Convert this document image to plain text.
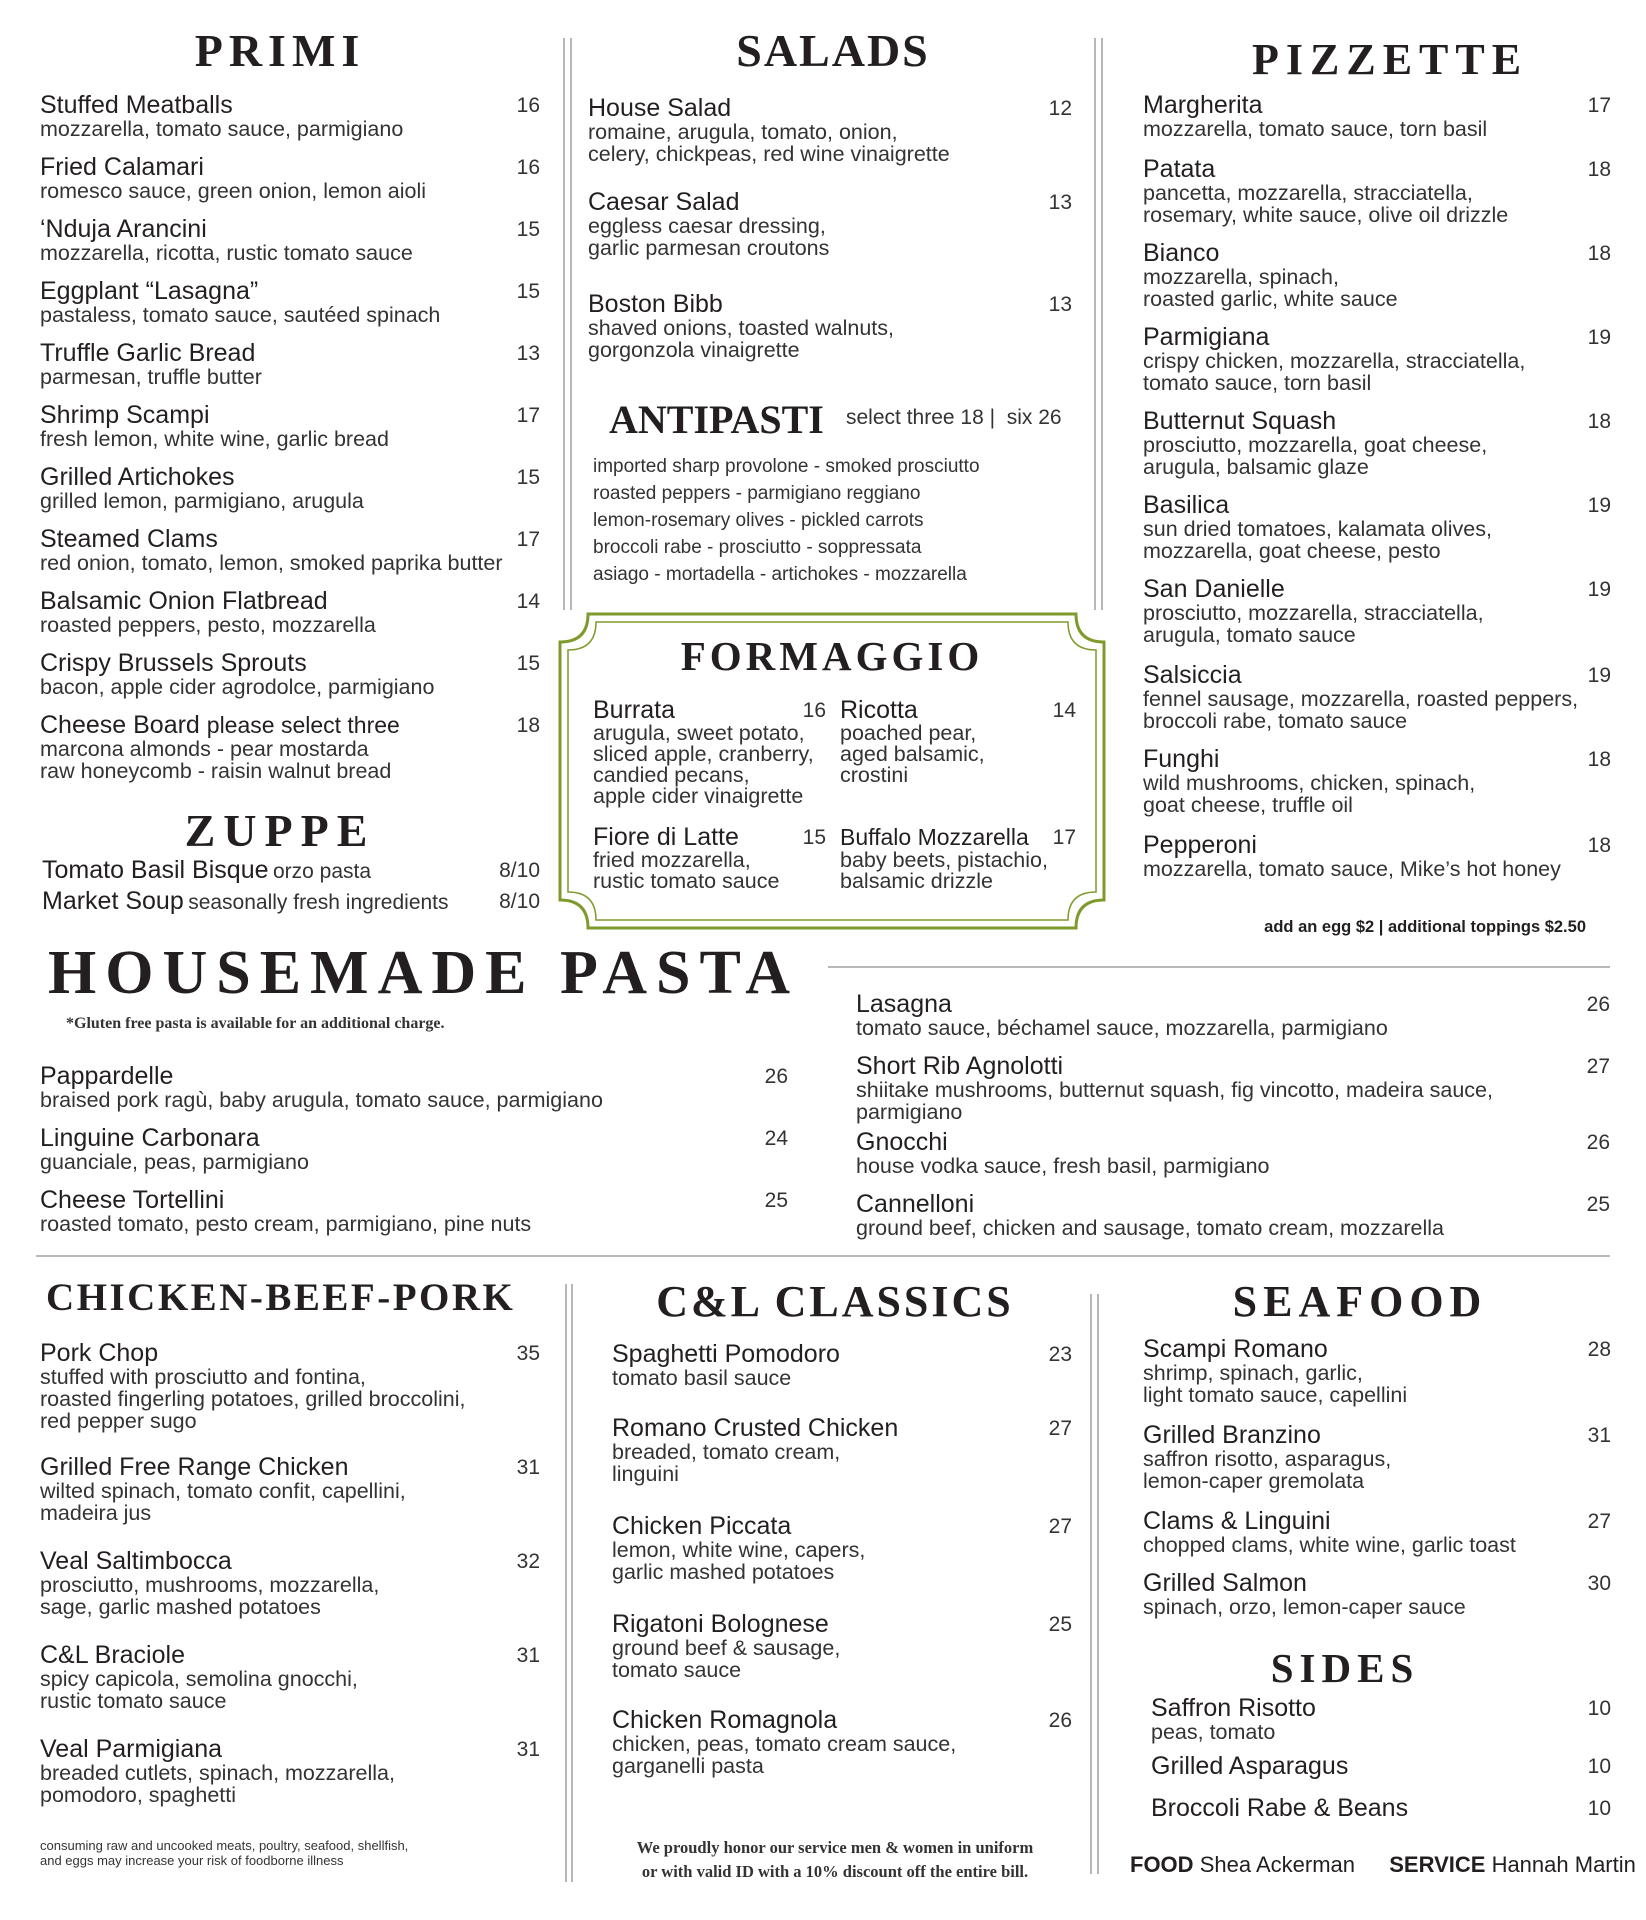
PRIMI
Stuffed Meatballs
mozzarella, tomato sauce, parmigiano
16
Fried Calamari
romesco sauce, green onion, lemon aioli
16
‘Nduja Arancini
mozzarella, ricotta, rustic tomato sauce
15
Eggplant “Lasagna”
pastaless, tomato sauce, sautéed spinach
15
Truffle Garlic Bread
parmesan, truffle butter
13
Shrimp Scampi
fresh lemon, white wine, garlic bread
17
Grilled Artichokes
grilled lemon, parmigiano, arugula
15
Steamed Clams
red onion, tomato, lemon, smoked paprika butter
17
Balsamic Onion Flatbread
roasted peppers, pesto, mozzarella
14
Crispy Brussels Sprouts
bacon, apple cider agrodolce, parmigiano
15
Cheese Board please select three
marcona almonds - pear mostarda
raw honeycomb - raisin walnut bread
18
ZUPPE
Tomato Basil Bisque orzo pasta	8/10
Market Soup seasonally fresh ingredients 8/10
SALADS
House Salad
romaine, arugula, tomato, onion,
celery, chickpeas, red wine vinaigrette
12
Caesar Salad
eggless caesar dressing,
garlic parmesan croutons
13
Boston Bibb
shaved onions, toasted walnuts,
gorgonzola vinaigrette
13
ANTIPASTI select three 18 |  six 26
imported sharp provolone - smoked prosciutto
roasted peppers - parmigiano reggiano
lemon-rosemary olives - pickled carrots
broccoli rabe - prosciutto - soppressata
asiago - mortadella - artichokes - mozzarella
FORMAGGIO
Burrata	16
arugula, sweet potato,
sliced apple, cranberry,
candied pecans,
apple cider vinaigrette
Ricotta	14
poached pear,
aged balsamic,
crostini
Fiore di Latte	15
fried mozzarella,
rustic tomato sauce
Buffalo Mozzarella	17
baby beets, pistachio,
balsamic drizzle
PIZZETTE
Margherita
mozzarella, tomato sauce, torn basil
17
Patata
pancetta, mozzarella, stracciatella,
rosemary, white sauce, olive oil drizzle
18
Bianco
mozzarella, spinach,
roasted garlic, white sauce
18
Parmigiana
crispy chicken, mozzarella, stracciatella,
tomato sauce, torn basil
19
Butternut Squash
prosciutto, mozzarella, goat cheese,
arugula, balsamic glaze
18
Basilica
sun dried tomatoes, kalamata olives,
mozzarella, goat cheese, pesto
19
San Danielle
prosciutto, mozzarella, stracciatella,
arugula, tomato sauce
19
Salsiccia
fennel sausage, mozzarella, roasted peppers,
broccoli rabe, tomato sauce
19
Funghi
wild mushrooms, chicken, spinach,
goat cheese, truffle oil
18
Pepperoni
mozzarella, tomato sauce, Mike’s hot honey
18
add an egg $2 | additional toppings $2.50
HOUSEMADE PASTA
*Gluten free pasta is available for an additional charge.
Pappardelle
braised pork ragù, baby arugula, tomato sauce, parmigiano
26
Linguine Carbonara
guanciale, peas, parmigiano
24
Cheese Tortellini
roasted tomato, pesto cream, parmigiano, pine nuts
25
Lasagna
tomato sauce, béchamel sauce, mozzarella, parmigiano
26
Short Rib Agnolotti
shiitake mushrooms, butternut squash, fig vincotto, madeira sauce,
parmigiano
27
Gnocchi
house vodka sauce, fresh basil, parmigiano
26
Cannelloni
ground beef, chicken and sausage, tomato cream, mozzarella
25
CHICKEN-BEEF-PORK
Pork Chop
stuffed with prosciutto and fontina,
roasted fingerling potatoes, grilled broccolini,
red pepper sugo
35
Grilled Free Range Chicken
wilted spinach, tomato confit, capellini,
madeira jus
31
Veal Saltimbocca
prosciutto, mushrooms, mozzarella,
sage, garlic mashed potatoes
32
C&L Braciole
spicy capicola, semolina gnocchi,
rustic tomato sauce
31
Veal Parmigiana
breaded cutlets, spinach, mozzarella,
pomodoro, spaghetti
31
consuming raw and uncooked meats, poultry, seafood, shellfish,
and eggs may increase your risk of foodborne illness
C&L CLASSICS
Spaghetti Pomodoro
tomato basil sauce
23
Romano Crusted Chicken
breaded, tomato cream,
linguini
27
Chicken Piccata
lemon, white wine, capers,
garlic mashed potatoes
27
Rigatoni Bolognese
ground beef & sausage,
tomato sauce
25
Chicken Romagnola
chicken, peas, tomato cream sauce,
garganelli pasta
26
We proudly honor our service men & women in uniform
or with valid ID with a 10% discount off the entire bill.
SEAFOOD
Scampi Romano
shrimp, spinach, garlic,
light tomato sauce, capellini
28
Grilled Branzino
saffron risotto, asparagus,
lemon-caper gremolata
31
Clams & Linguini
chopped clams, white wine, garlic toast
27
Grilled Salmon
spinach, orzo, lemon-caper sauce
30
SIDES
Saffron Risotto
peas, tomato
10
Grilled Asparagus	10
Broccoli Rabe & Beans	10
FOOD Shea Ackerman SERVICE Hannah Martin
